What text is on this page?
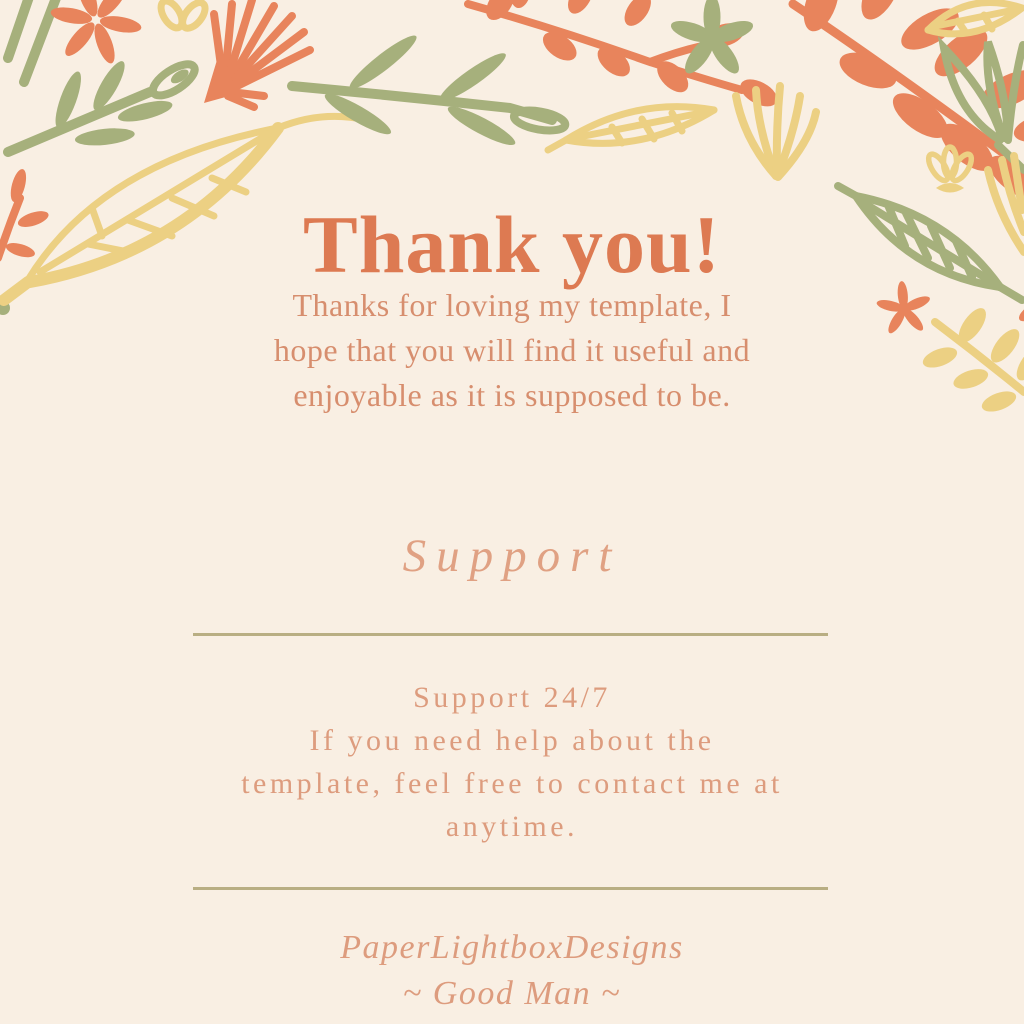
Thank you!
Thanks for loving my template, I
hope that you will find it useful and
enjoyable as it is supposed to be.
Support
Support 24/7
If you need help about the
template, feel free to contact me at
anytime.
PaperLightboxDesigns
~ Good Man ~
